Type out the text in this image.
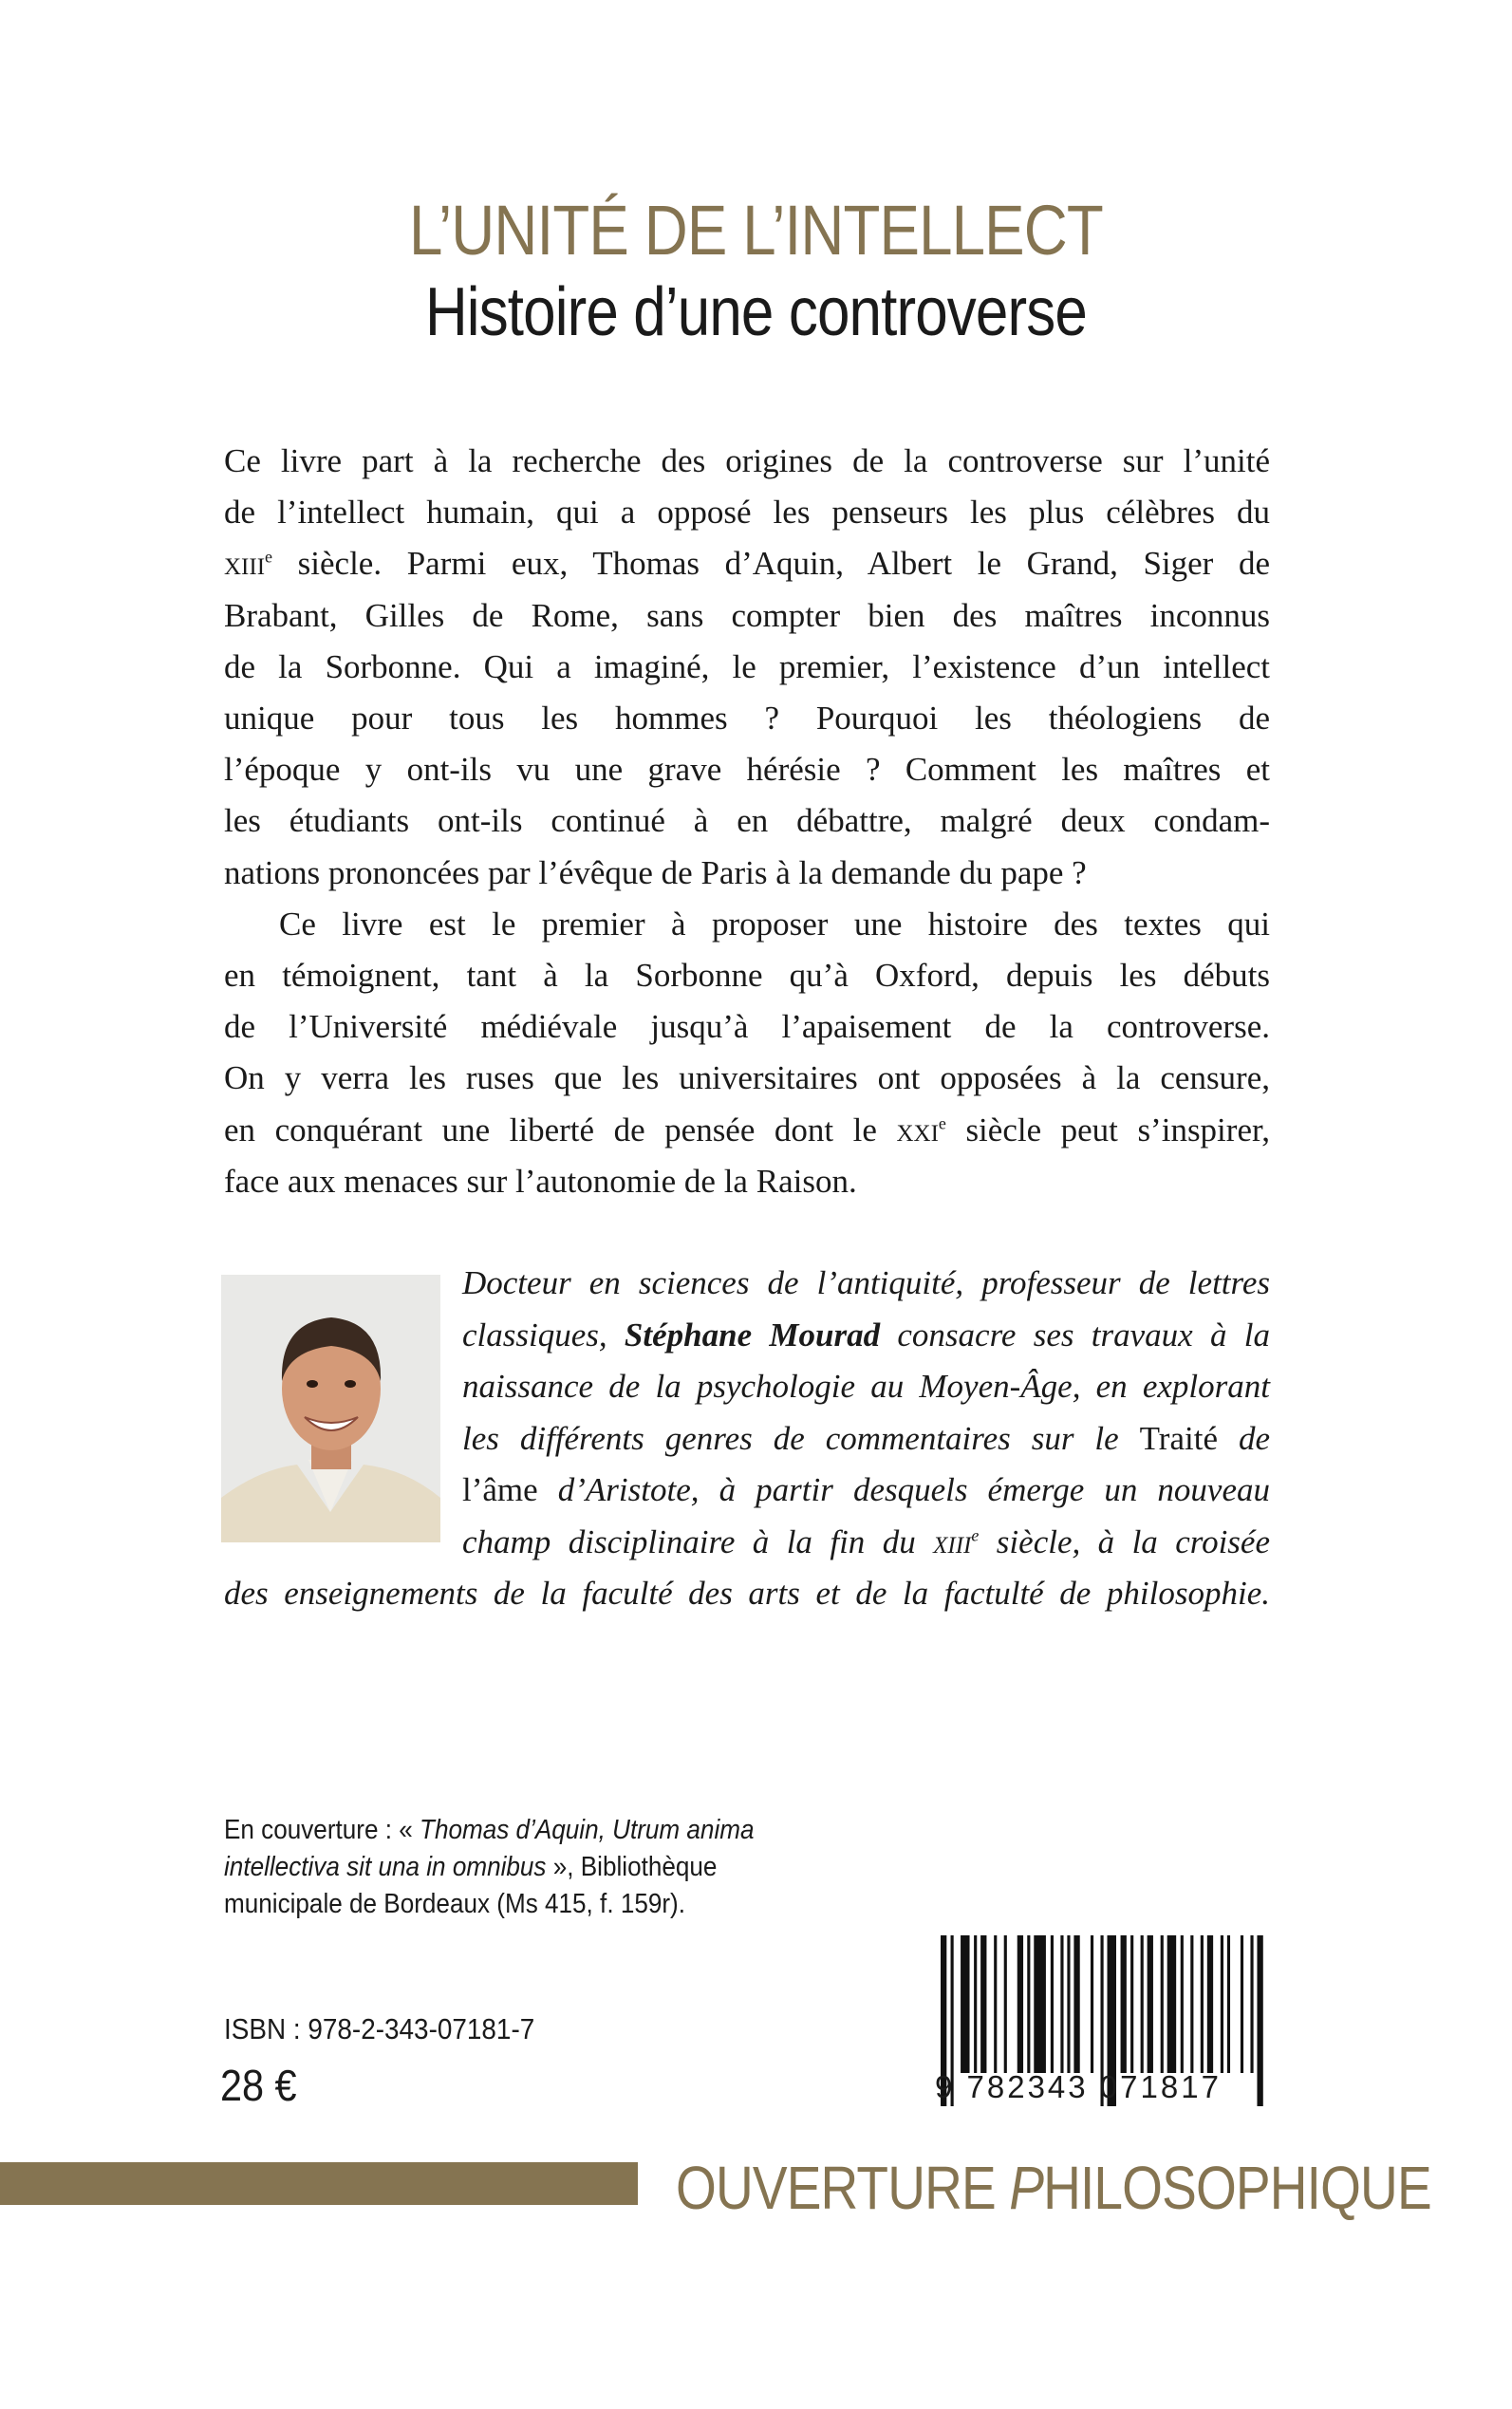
L’UNITÉ DE L’INTELLECT
Histoire d’une controverse
Ce livre part à la recherche des origines de la controverse sur l’unité
de l’intellect humain, qui a opposé les penseurs les plus célèbres du
xiii$^e$ siècle. Parmi eux, Thomas d’Aquin, Albert le Grand, Siger de
Brabant, Gilles de Rome, sans compter bien des maîtres inconnus
de la Sorbonne. Qui a imaginé, le premier, l’existence d’un intellect
unique pour tous les hommes ? Pourquoi les théologiens de
l’époque y ont-ils vu une grave hérésie ? Comment les maîtres et
les étudiants ont-ils continué à en débattre, malgré deux condam-
nations prononcées par l’évêque de Paris à la demande du pape ?
Ce livre est le premier à proposer une histoire des textes qui
en témoignent, tant à la Sorbonne qu’à Oxford, depuis les débuts
de l’Université médiévale jusqu’à l’apaisement de la controverse.
On y verra les ruses que les universitaires ont opposées à la censure,
en conquérant une liberté de pensée dont le xxi$^e$ siècle peut s’inspirer,
face aux menaces sur l’autonomie de la Raison.
Docteur en sciences de l’antiquité, professeur de lettres
classiques, Stéphane Mourad consacre ses travaux à la
naissance de la psychologie au Moyen-Âge, en explorant
les différents genres de commentaires sur le Traité de
l’âme d’Aristote, à partir desquels émerge un nouveau
champ disciplinaire à la fin du xiii$^e$ siècle, à la croisée
des enseignements de la faculté des arts et de la factulté de philosophie.
En couverture : « Thomas d’Aquin, Utrum anima intellectiva sit una in omnibus », Bibliothèque municipale de Bordeaux (Ms 415, f. 159r).
ISBN : 978-2-343-07181-7
28 €	9 782343 071817
OUVERTURE PHILOSOPHIQUE
